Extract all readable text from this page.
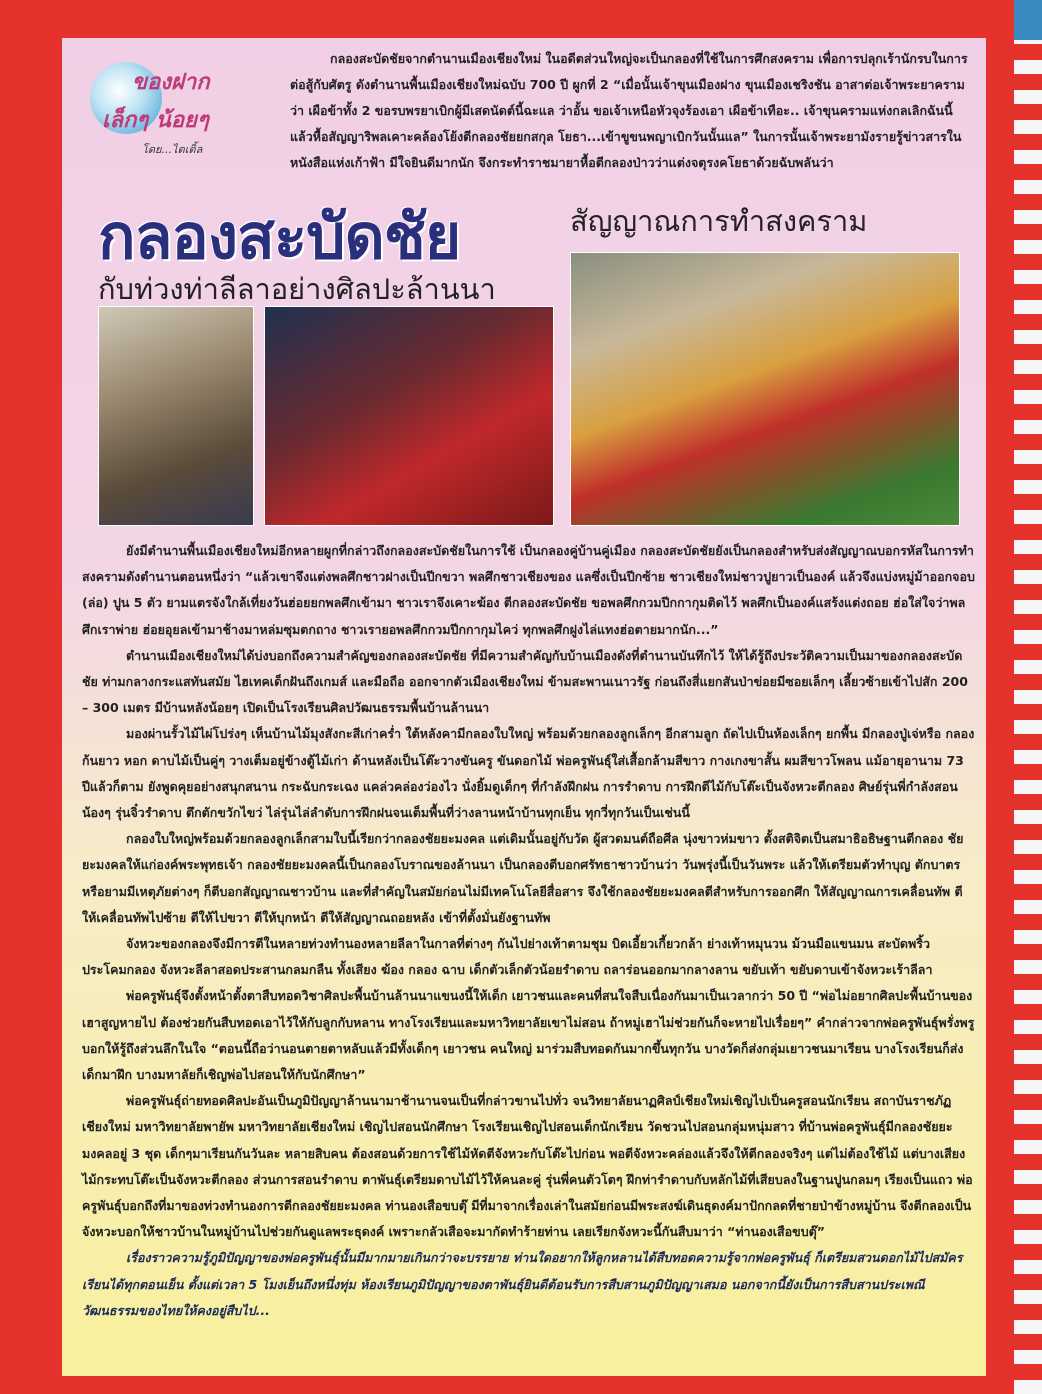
ของฝาก
เล็กๆ น้อยๆ
โดย...ไตเติ้ล
กลองสะบัดชัยจากตำนานเมืองเชียงใหม่ ในอดีตส่วนใหญ่จะเป็นกลองที่ใช้ในการศึกสงคราม เพื่อการปลุกเร้านักรบในการต่อสู้กับศัตรู ดังตำนานพื้นเมืองเชียงใหม่ฉบับ 700 ปี ผูกที่ 2 “เมื่อนั้นเจ้าขุนเมืองฝาง ขุนเมืองเชริงชัน อาสาต่อเจ้าพระยาครามว่า เผือข้าทั้ง 2 ขอรบพรยาเบิกผู้มีเสดนัดต์นี้ฉะแล ว่าอั้น ขอเจ้าเหนือหัวจุงร้องเอา เผือข้าเทือะ.. เจ้าขุนครามแห่งกลเลิกฉันนี้ แล้วหื้อสัญญาริพลเคาะคล้องโย้งตีกลองชัยยกสกุล โยธา...เข้าขูขนพญาเบิกวันนั้นแล” ในการนั้นเจ้าพระยามังรายรู้ข่าวสารในหนังสือแห่งเก้าฟ้า มีใจยินดีมากนัก จึงกระทำราชมายาหื้อตีกลองป่าวว่าแต่งจตุรงคโยธาด้วยฉับพลันว่า
กลองสะบัดชัย	สัญญาณการทำสงคราม
กับท่วงท่าลีลาอย่างศิลปะล้านนา

ยังมีตำนานพื้นเมืองเชียงใหม่อีกหลายผูกที่กล่าวถึงกลองสะบัดชัยในการใช้ เป็นกลองคู่บ้านคู่เมือง กลองสะบัดชัยยังเป็นกลองสำหรับส่งสัญญาณบอกรหัสในการทำสงครามดังตำนานตอนหนึ่งว่า “แล้วเขาจึงแต่งพลศึกชาวฝางเป็นปีกขวา พลศึกชาวเชียงของ แลซึ่งเป็นปีกซ้าย ชาวเชียงใหม่ชาวปูยาวเป็นองค์ แล้วจึงแบ่งหมู่ม้าออกจอบ (ล่อ) ปูน 5 ตัว ยามแตรจังใกล้เที่ยงวันฮ่อยยกพลศึกเข้ามา ชาวเราจึงเคาะฆ้อง ตีกลองสะบัดชัย ขอพลศึกกวมปีกกากุมติดไว้ พลศึกเป็นองค์แสร้งแต่งถอย ฮ่อใส่ใจว่าพลศึกเราพ่าย ฮ่อยอุยลเข้ามาช้างมาหล่มซุมตกถาง ชาวเรายอพลศึกกวมปีกกากุมไคว่ ทุกพลศึกฝูงไล่แทงฮ่อตายมากนัก...”

ตำนานเมืองเชียงใหม่ได้บ่งบอกถึงความสำคัญของกลองสะบัดชัย ที่มีความสำคัญกับบ้านเมืองดังที่ตำนานบันทึกไว้ ให้ได้รู้ถึงประวัติความเป็นมาของกลองสะบัดชัย ท่ามกลางกระแสทันสมัย ไฮเทคเด็กฝันถึงเกมส์ และมือถือ ออกจากตัวเมืองเชียงใหม่ ข้ามสะพานเนาวรัฐ ก่อนถึงสี่แยกสันป่าข่อยมีซอยเล็กๆ เลี้ยวซ้ายเข้าไปสัก 200 – 300 เมตร มีบ้านหลังน้อยๆ เปิดเป็นโรงเรียนศิลปวัฒนธรรมพื้นบ้านล้านนา

มองผ่านรั้วไม้ไผ่โปร่งๆ เห็นบ้านไม้มุงสังกะสีเก่าคร่ำ ใต้หลังคามีกลองใบใหญ่ พร้อมด้วยกลองลูกเล็กๆ อีกสามลูก ถัดไปเป็นห้องเล็กๆ ยกพื้น มีกลองปู่เจ่หรือ กลองก้นยาว หอก ดาบไม้เป็นคู่ๆ วางเต็มอยู่ข้างตู้ไม้เก่า ด้านหลังเป็นโต๊ะวางขันครู ขันดอกไม้ พ่อครูพันธุ์ใส่เสื้อกล้ามสีขาว กางเกงขาสั้น ผมสีขาวโพลน แม้อายุอานาม 73 ปีแล้วก็ตาม ยังพูดคุยอย่างสนุกสนาน กระฉับกระเฉง แคล่วคล่องว่องไว นั่งยิ้มดูเด็กๆ ที่กำลังฝึกฝน การรำดาบ การฝึกตีไม้กับโต๊ะเป็นจังหวะตีกลอง ศิษย์รุ่นพี่กำลังสอนน้องๆ รุ่นจิ๋วรำดาบ ตึกตักขวักไขว่ ไล่รุ่นไล่ลำดับการฝึกฝนจนเต็มพื้นที่ว่างลานหน้าบ้านทุกเย็น ทุกวี่ทุกวันเป็นเช่นนี้

กลองใบใหญ่พร้อมด้วยกลองลูกเล็กสามใบนี้เรียกว่ากลองชัยยะมงคล แต่เดิมนั้นอยู่กับวัด ผู้สวดมนต์ถือศีล นุ่งขาวห่มขาว ตั้งสติจิตเป็นสมาธิอธิษฐานตีกลอง ชัยยะมงคลให้แก่องค์พระพุทธเจ้า กลองชัยยะมงคลนี้เป็นกลองโบราณของล้านนา เป็นกลองตีบอกศรัทธาชาวบ้านว่า วันพรุ่งนี้เป็นวันพระ แล้วให้เตรียมตัวทำบุญ ตักบาตร หรือยามมีเหตุภัยต่างๆ ก็ตีบอกสัญญาณชาวบ้าน และที่สำคัญในสมัยก่อนไม่มีเทคโนโลยีสื่อสาร จึงใช้กลองชัยยะมงคลตีสำหรับการออกศึก ให้สัญญาณการเคลื่อนทัพ ตีให้เคลื่อนทัพไปซ้าย ตีให้ไปขวา ตีให้บุกหน้า ตีให้สัญญาณถอยหลัง เข้าที่ตั้งมั่นยังฐานทัพ

จังหวะของกลองจึงมีการตีในหลายท่วงทำนองหลายลีลาในกาลที่ต่างๆ กันไปย่างเท้าตามชุม บิดเอี้ยวเกี้ยวกล้า ย่างเท้าหมุนวน ม้วนมือแขนมน สะบัดพริ้ว ประโคมกลอง จังหวะลีลาสอดประสานกลมกลืน ทั้งเสียง ฆ้อง กลอง ฉาบ เด็กตัวเล็กตัวน้อยรำดาบ ถลาร่อนออกมากลางลาน ขยับเท้า ขยับดาบเข้าจังหวะเร้าลีลา

พ่อครูพันธุ์จึงตั้งหน้าตั้งตาสืบทอดวิชาศิลปะพื้นบ้านล้านนาแขนงนี้ให้เด็ก เยาวชนและคนที่สนใจสืบเนื่องกันมาเป็นเวลากว่า 50 ปี “พ่อไม่อยากศิลปะพื้นบ้านของเฮาสูญหายไป ต้องช่วยกันสืบทอดเอาไว้ให้กับลูกกับหลาน ทางโรงเรียนและมหาวิทยาลัยเขาไม่สอน ถ้าหมู่เฮาไม่ช่วยกันก็จะหายไปเรื่อยๆ” คำกล่าวจากพ่อครูพันธุ์พรั่งพรูบอกให้รู้ถึงส่วนลึกในใจ “ตอนนี้ถือว่านอนตายตาหลับแล้วมีทั้งเด็กๆ เยาวชน คนใหญ่ มาร่วมสืบทอดกันมากขึ้นทุกวัน บางวัดก็ส่งกลุ่มเยาวชนมาเรียน บางโรงเรียนก็ส่งเด็กมาฝึก บางมหาลัยก็เชิญพ่อไปสอนให้กับนักศึกษา”

พ่อครูพันธุ์ถ่ายทอดศิลปะอันเป็นภูมิปัญญาล้านนามาช้านานจนเป็นที่กล่าวขานไปทั่ว จนวิทยาลัยนาฏศิลป์เชียงใหม่เชิญไปเป็นครูสอนนักเรียน สถาบันราชภัฏเชียงใหม่ มหาวิทยาลัยพายัพ มหาวิทยาลัยเชียงใหม่ เชิญไปสอนนักศึกษา โรงเรียนเชิญไปสอนเด็กนักเรียน วัดชวนไปสอนกลุ่มหนุ่มสาว ที่บ้านพ่อครูพันธุ์มีกลองชัยยะมงคลอยู่ 3 ชุด เด็กๆมาเรียนกันวันละ หลายสิบคน ต้องสอนด้วยการใช้ไม้หัดตีจังหวะกับโต๊ะไปก่อน พอตีจังหวะคล่องแล้วจึงให้ตีกลองจริงๆ แต่ไม่ต้องใช้ไม้ แต่บางเสียงไม้กระทบโต๊ะเป็นจังหวะตีกลอง ส่วนการสอนรำดาบ ตาพันธุ์เตรียมดาบไม้ไว้ให้คนละคู่ รุ่นพี่คนตัวโตๆ ฝึกท่ารำดาบกับหลักไม้ที่เสียบลงในฐานปูนกลมๆ เรียงเป็นแถว พ่อครูพันธุ์บอกถึงที่มาของท่วงทำนองการตีกลองชัยยะมงคล ท่านองเสือขบตุ๊ มีที่มาจากเรื่องเล่าในสมัยก่อนมีพระสงฆ์เดินธุดงค์มาปักกลดที่ชายป่าข้างหมู่บ้าน จึงตีกลองเป็นจังหวะบอกให้ชาวบ้านในหมู่บ้านไปช่วยกันดูแลพระธุดงค์ เพราะกลัวเสือจะมากัดทำร้ายท่าน เลยเรียกจังหวะนี้กันสืบมาว่า “ท่านองเสือขบตุ๊”

เรื่องราวความรู้ภูมิปัญญาของพ่อครูพันธุ์นั้นมีมากมายเกินกว่าจะบรรยาย ท่านใดอยากให้ลูกหลานได้สืบทอดความรู้จากพ่อครูพันธุ์ ก็เตรียมสวนดอกไม้ไปสมัครเรียนได้ทุกตอนเย็น ตั้งแต่เวลา 5 โมงเย็นถึงหนึ่งทุ่ม ห้องเรียนภูมิปัญญาของตาพันธุ์ยินดีต้อนรับการสืบสานภูมิปัญญาเสมอ นอกจากนี้ยังเป็นการสืบสานประเพณีวัฒนธรรมของไทยให้คงอยู่สืบไป...
